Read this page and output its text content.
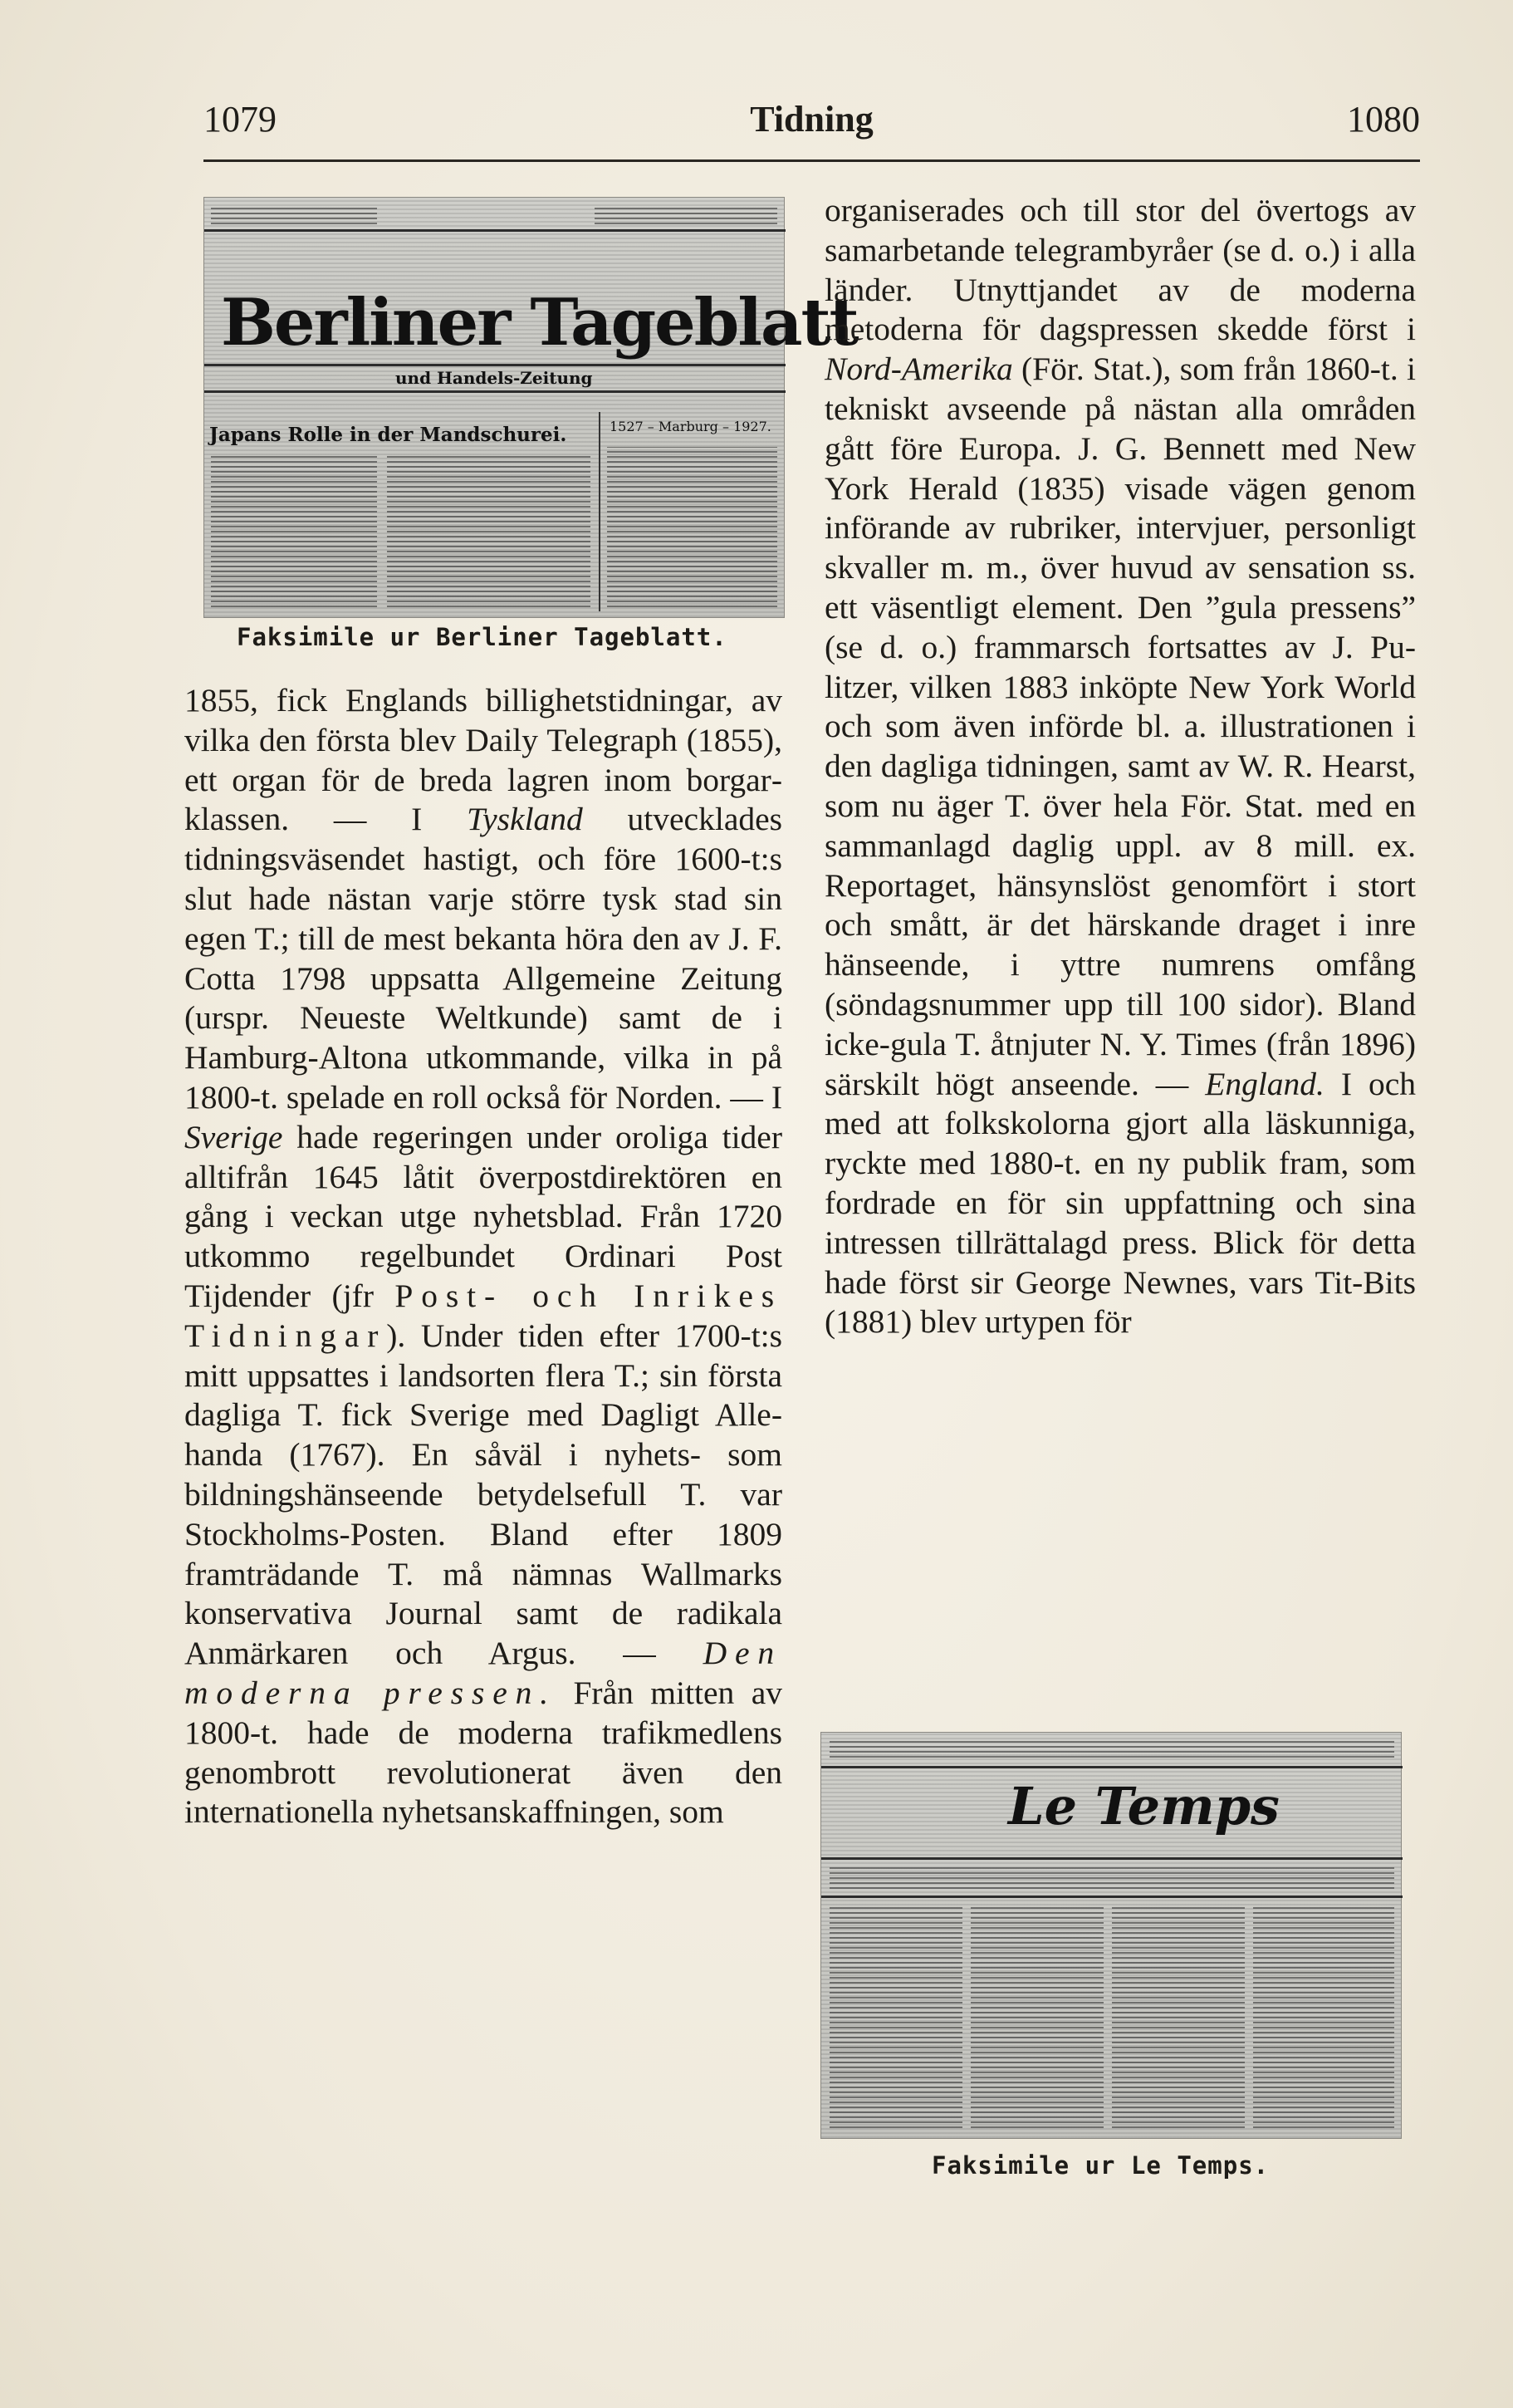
1079	Tidning	1080
Berliner Tageblatt
und Handels-Zeitung
Japans Rolle in der Mandschurei.	1527 – Marburg – 1927.
Faksimile ur Berliner Tageblatt.

1855, fick Englands billighetstidningar, av vilka den första blev Daily Telegraph (1855), ett organ för de breda lagren inom borgarklassen. — I Tyskland utvecklades tidningsväsendet hastigt, och före 1600-t:s slut hade nästan varje större tysk stad sin egen T.; till de mest bekanta höra den av J. F. Cotta 1798 uppsatta Allgemeine Zeitung (urspr. Neueste Weltkunde) samt de i Hamburg-Altona utkommande, vilka in på 1800-t. spelade en roll också för Norden. — I Sverige hade regeringen under oroliga tider alltifrån 1645 låtit överpostdirektören en gång i veckan utge nyhetsblad. Från 1720 utkommo regelbundet Ordinari Post Tijdender (jfr Post- och Inrikes Tidningar). Under tiden efter 1700-t:s mitt uppsattes i landsorten flera T.; sin första dagliga T. fick Sverige med Dagligt Allehanda (1767). En såväl i nyhets- som bildningshänseende betydelsefull T. var Stockholms-Posten. Bland efter 1809 framträdande T. må nämnas Wallmarks konservativa Journal samt de radikala Anmärkaren och Argus. — Den moderna pressen. Från mitten av 1800-t. hade de moderna trafikmedlens genombrott revolutionerat även den internationella nyhetsanskaffningen, som

organiserades och till stor del övertogs av samarbetande telegrambyråer (se d. o.) i alla länder. Utnyttjandet av de moderna metoderna för dagspressen skedde först i Nord-Amerika (För. Stat.), som från 1860-t. i tekniskt avseende på nästan alla områden gått före Europa. J. G. Bennett med New York Herald (1835) visade vägen genom införande av rubriker, intervjuer, personligt skvaller m. m., över huvud av sensation ss. ett väsentligt element. Den ”gula pressens” (se d. o.) frammarsch fortsattes av J. Pulitzer, vilken 1883 inköpte New York World och som även införde bl. a. illustrationen i den dagliga tidningen, samt av W. R. Hearst, som nu äger T. över hela För. Stat. med en sammanlagd daglig uppl. av 8 mill. ex. Reportaget, hänsynslöst genomfört i stort och smått, är det härskande draget i inre hänseende, i yttre numrens omfång (söndagsnummer upp till 100 sidor). Bland icke-gula T. åtnjuter N. Y. Times (från 1896) särskilt högt anseende. — England. I och med att folkskolorna gjort alla läskunniga, ryckte med 1880-t. en ny publik fram, som fordrade en för sin uppfattning och sina intressen tillrättalagd press. Blick för detta hade först sir George Newnes, vars Tit-Bits (1881) blev urtypen för

Le Temps
Faksimile ur Le Temps.
